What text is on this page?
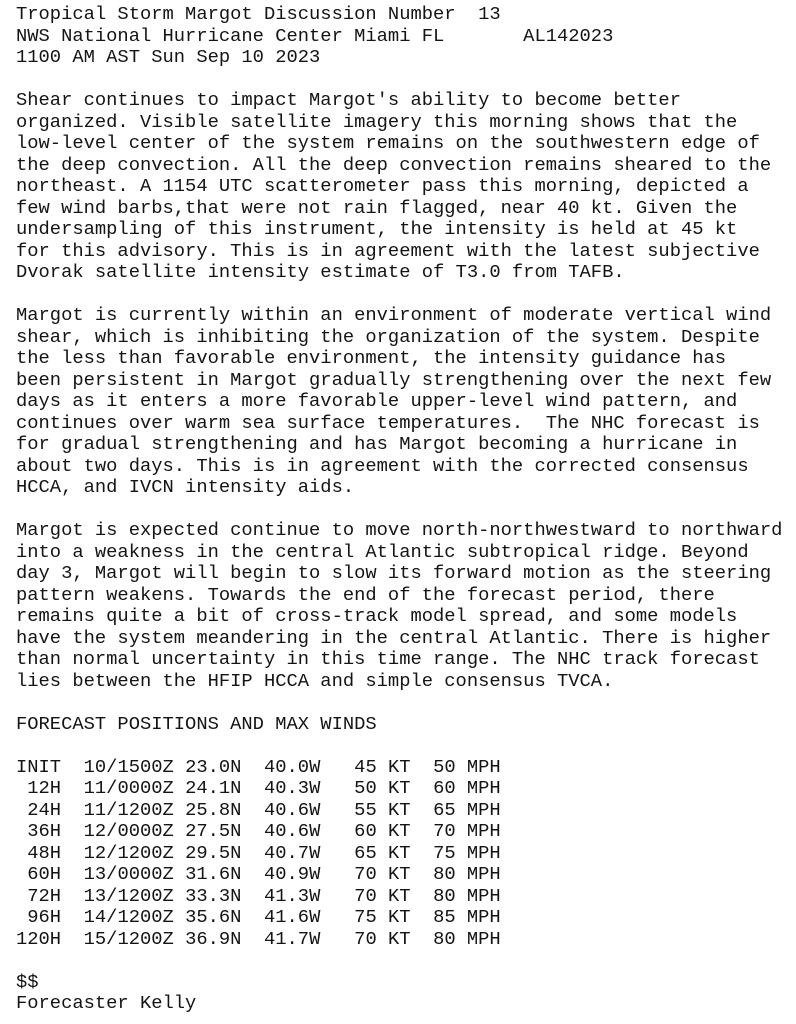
Tropical Storm Margot Discussion Number  13
NWS National Hurricane Center Miami FL       AL142023
1100 AM AST Sun Sep 10 2023
Shear continues to impact Margot's ability to become better
organized. Visible satellite imagery this morning shows that the
low-level center of the system remains on the southwestern edge of
the deep convection. All the deep convection remains sheared to the
northeast. A 1154 UTC scatterometer pass this morning, depicted a
few wind barbs,that were not rain flagged, near 40 kt. Given the
undersampling of this instrument, the intensity is held at 45 kt
for this advisory. This is in agreement with the latest subjective
Dvorak satellite intensity estimate of T3.0 from TAFB.
Margot is currently within an environment of moderate vertical wind
shear, which is inhibiting the organization of the system. Despite
the less than favorable environment, the intensity guidance has
been persistent in Margot gradually strengthening over the next few
days as it enters a more favorable upper-level wind pattern, and
continues over warm sea surface temperatures.  The NHC forecast is
for gradual strengthening and has Margot becoming a hurricane in
about two days. This is in agreement with the corrected consensus
HCCA, and IVCN intensity aids.
Margot is expected continue to move north-northwestward to northward
into a weakness in the central Atlantic subtropical ridge. Beyond
day 3, Margot will begin to slow its forward motion as the steering
pattern weakens. Towards the end of the forecast period, there
remains quite a bit of cross-track model spread, and some models
have the system meandering in the central Atlantic. There is higher
than normal uncertainty in this time range. The NHC track forecast
lies between the HFIP HCCA and simple consensus TVCA.
FORECAST POSITIONS AND MAX WINDS
INIT 10/1500Z 23.0N 40.0W 45 KT 50 MPH
12H 11/0000Z 24.1N 40.3W 50 KT 60 MPH
24H 11/1200Z 25.8N 40.6W 55 KT 65 MPH
36H 12/0000Z 27.5N 40.6W 60 KT 70 MPH
48H 12/1200Z 29.5N 40.7W 65 KT 75 MPH
60H 13/0000Z 31.6N 40.9W 70 KT 80 MPH
72H 13/1200Z 33.3N 41.3W 70 KT 80 MPH
96H 14/1200Z 35.6N 41.6W 75 KT 85 MPH
120H 15/1200Z 36.9N 41.7W 70 KT 80 MPH
$$
Forecaster Kelly
